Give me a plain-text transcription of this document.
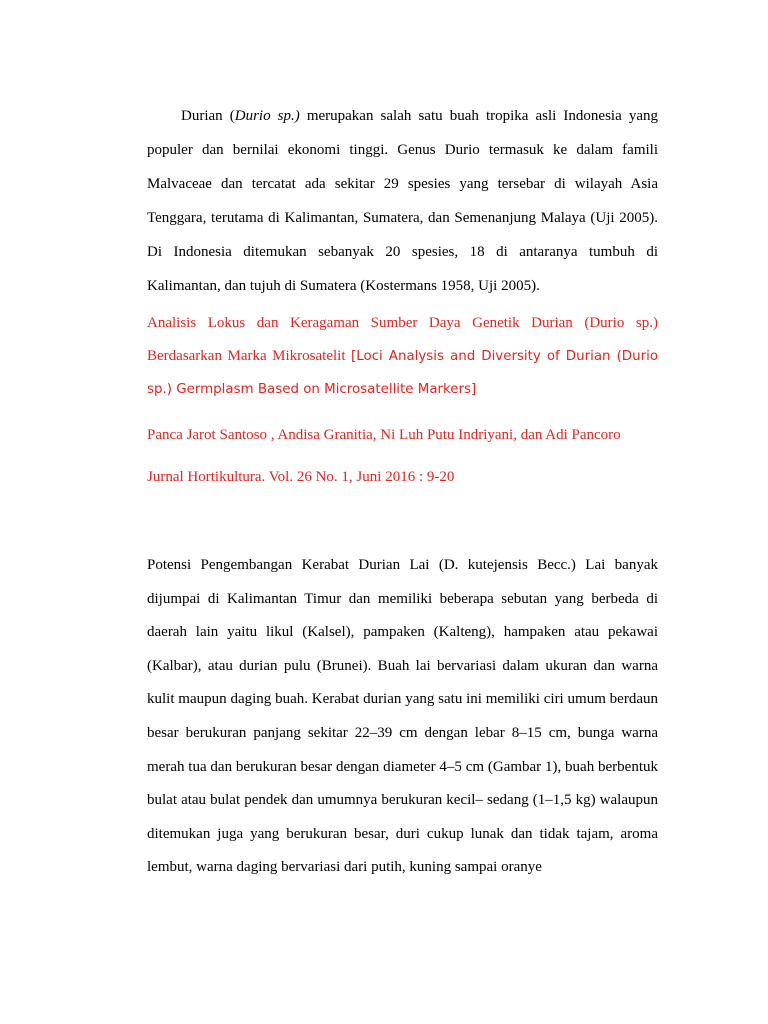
Durian (Durio sp.) merupakan salah satu buah tropika asli Indonesia yang populer dan bernilai ekonomi tinggi. Genus Durio termasuk ke dalam famili Malvaceae dan tercatat ada sekitar 29 spesies yang tersebar di wilayah Asia Tenggara, terutama di Kalimantan, Sumatera, dan Semenanjung Malaya (Uji 2005). Di Indonesia ditemukan sebanyak 20 spesies, 18 di antaranya tumbuh di Kalimantan, dan tujuh di Sumatera (Kostermans 1958, Uji 2005).

Analisis Lokus dan Keragaman Sumber Daya Genetik Durian (Durio sp.) Berdasarkan Marka Mikrosatelit [Loci Analysis and Diversity of Durian (Durio sp.) Germplasm Based on Microsatellite Markers]

Panca Jarot Santoso , Andisa Granitia, Ni Luh Putu Indriyani, dan Adi Pancoro

Jurnal Hortikultura. Vol. 26 No. 1, Juni 2016 : 9-20

Potensi Pengembangan Kerabat Durian Lai (D. kutejensis Becc.) Lai banyak dijumpai di Kalimantan Timur dan memiliki beberapa sebutan yang berbeda di daerah lain yaitu likul (Kalsel), pampaken (Kalteng), hampaken atau pekawai (Kalbar), atau durian pulu (Brunei). Buah lai bervariasi dalam ukuran dan warna kulit maupun daging buah. Kerabat durian yang satu ini memiliki ciri umum berdaun besar berukuran panjang sekitar 22–39 cm dengan lebar 8–15 cm, bunga warna merah tua dan berukuran besar dengan diameter 4–5 cm (Gambar 1), buah berbentuk bulat atau bulat pendek dan umumnya berukuran kecil– sedang (1–1,5 kg) walaupun ditemukan juga yang berukuran besar, duri cukup lunak dan tidak tajam, aroma lembut, warna daging bervariasi dari putih, kuning sampai oranye
